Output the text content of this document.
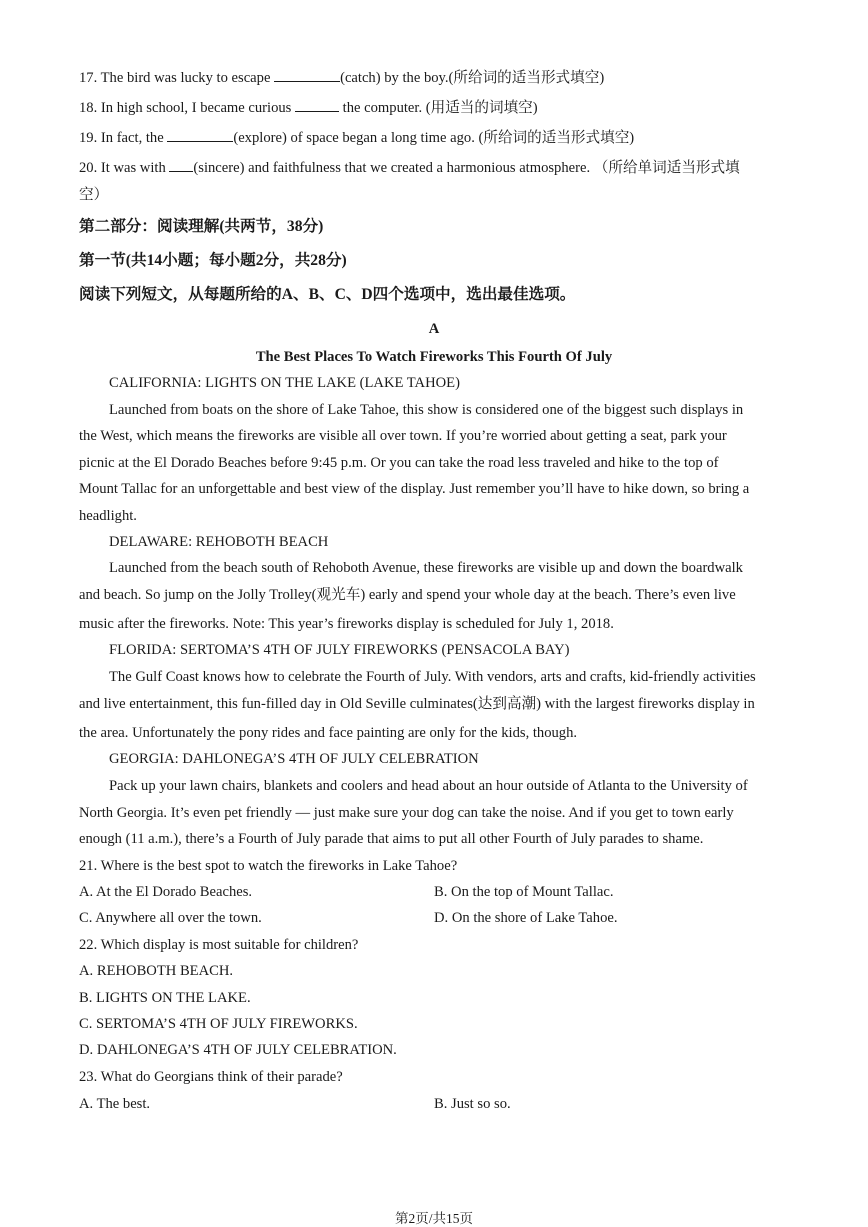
17. The bird was lucky to escape	(catch) by the boy.(所给词的适当形式填空)
18. In high school, I became curious	the computer. (用适当的词填空)
19. In fact, the	(explore) of space began a long time ago. (所给词的适当形式填空)
20. It was with (sincere) and faithfulness that we created a harmonious atmosphere. （所给单词适当形式填
空）
第二部分：阅读理解(共两节，38分)
第一节(共14小题；每小题2分，共28分)
阅读下列短文，从每题所给的A、B、C、D四个选项中，选出最佳选项。
A
The Best Places To Watch Fireworks This Fourth Of July
CALIFORNIA: LIGHTS ON THE LAKE (LAKE TAHOE)
Launched from boats on the shore of Lake Tahoe, this show is considered one of the biggest such displays in
the West, which means the fireworks are visible all over town. If you’re worried about getting a seat, park your
picnic at the El Dorado Beaches before 9:45 p.m. Or you can take the road less traveled and hike to the top of
Mount Tallac for an unforgettable and best view of the display. Just remember you’ll have to hike down, so bring a
headlight.
DELAWARE: REHOBOTH BEACH
Launched from the beach south of Rehoboth Avenue, these fireworks are visible up and down the boardwalk
and beach. So jump on the Jolly Trolley(观光车) early and spend your whole day at the beach. There’s even live
music after the fireworks. Note: This year’s fireworks display is scheduled for July 1, 2018.
FLORIDA: SERTOMA’S 4TH OF JULY FIREWORKS (PENSACOLA BAY)
The Gulf Coast knows how to celebrate the Fourth of July. With vendors, arts and crafts, kid-friendly activities
and live entertainment, this fun-filled day in Old Seville culminates(达到高潮) with the largest fireworks display in
the area. Unfortunately the pony rides and face painting are only for the kids, though.
GEORGIA: DAHLONEGA’S 4TH OF JULY CELEBRATION
Pack up your lawn chairs, blankets and coolers and head about an hour outside of Atlanta to the University of
North Georgia. It’s even pet friendly — just make sure your dog can take the noise. And if you get to town early
enough (11 a.m.), there’s a Fourth of July parade that aims to put all other Fourth of July parades to shame.
21. Where is the best spot to watch the fireworks in Lake Tahoe?
A. At the El Dorado Beaches.	B. On the top of Mount Tallac.
C. Anywhere all over the town.	D. On the shore of Lake Tahoe.
22. Which display is most suitable for children?
A. REHOBOTH BEACH.
B. LIGHTS ON THE LAKE.
C. SERTOMA’S 4TH OF JULY FIREWORKS.
D. DAHLONEGA’S 4TH OF JULY CELEBRATION.
23. What do Georgians think of their parade?
A. The best.	B. Just so so.
第2页/共15页
